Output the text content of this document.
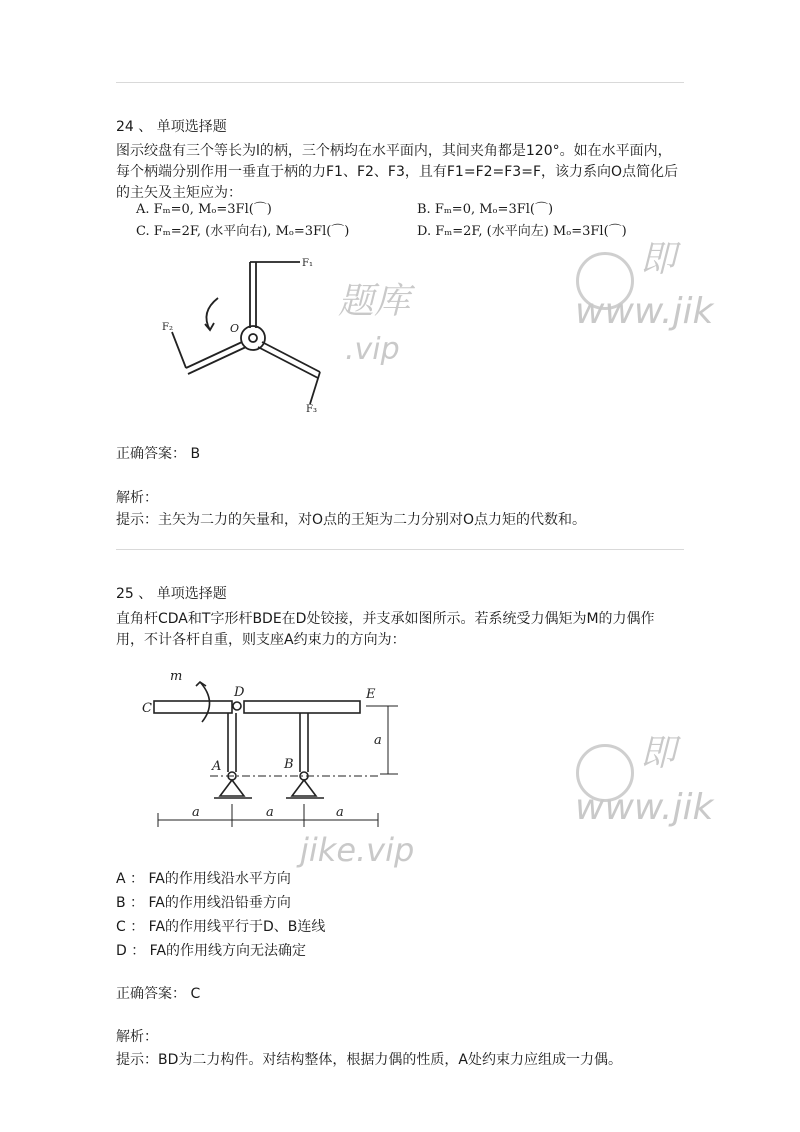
题库
.vip
即
www.jik
即
www.jik
jike.vip
24 、 单项选择题
图示绞盘有三个等长为l的柄，三个柄均在水平面内，其间夹角都是120°。如在水平面内，
每个柄端分别作用一垂直于柄的力F1、F2、F3，且有F1=F2=F3=F，该力系向O点简化后
的主矢及主矩应为：
A. Fₘ=0, Mₒ=3Fl(⌒)	B. Fₘ=0, Mₒ=3Fl(⌒)
C. Fₘ=2F, (水平向右), Mₒ=3Fl(⌒)	D. Fₘ=2F, (水平向左) Mₒ=3Fl(⌒)
F₁
F₂
F₃
O
正确答案： B
解析：
提示：主矢为二力的矢量和，对O点的王矩为二力分别对O点力矩的代数和。
25 、 单项选择题
直角杆CDA和T字形杆BDE在D处铰接，并支承如图所示。若系统受力偶矩为M的力偶作
用，不计各杆自重，则支座A约束力的方向为：
m
C
D	E
A	B
a
a	a	a
A ： FA的作用线沿水平方向
B ： FA的作用线沿铅垂方向
C ： FA的作用线平行于D、B连线
D ： FA的作用线方向无法确定
正确答案： C
解析：
提示：BD为二力构件。对结构整体，根据力偶的性质，A处约束力应组成一力偶。
